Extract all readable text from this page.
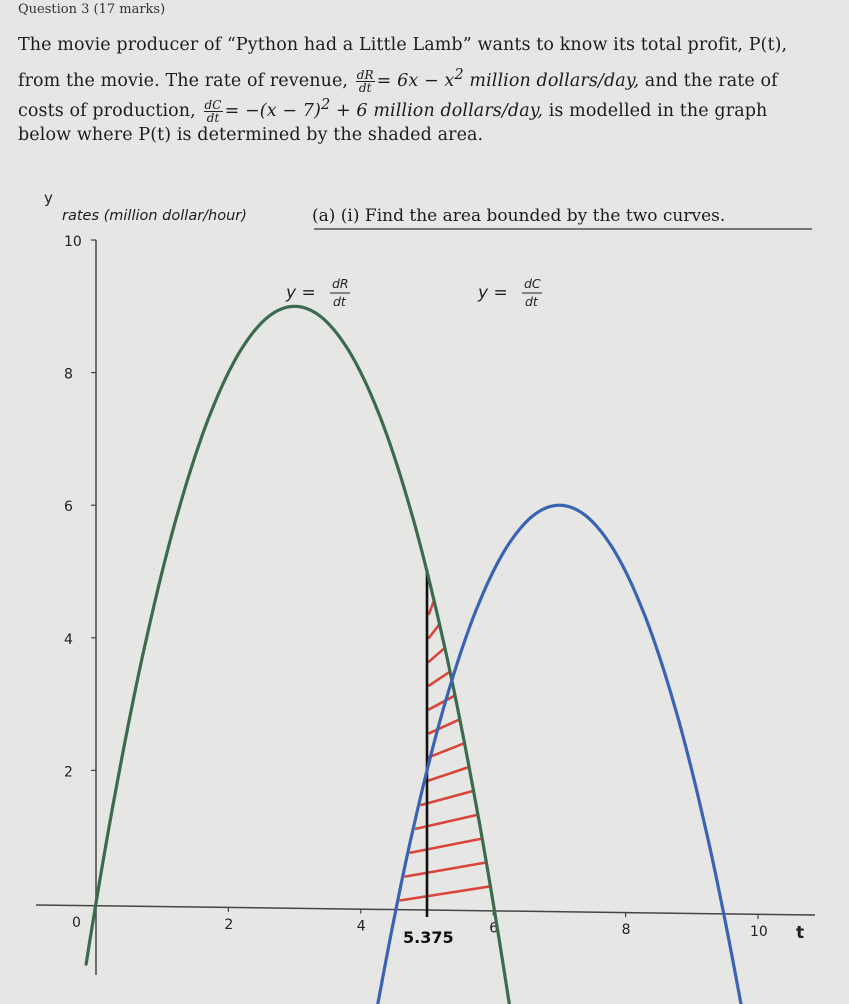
Question 3 (17 marks)
The movie producer of “Python had a Little Lamb” wants to know its total profit, P(t),
from the movie. The rate of revenue, $\frac{dR}{dt} = 6x - x^2$ million dollars/day, and the rate of
costs of production, $\frac{dC}{dt} = -(x - 7)^2 + 6$ million dollars/day, is modelled in the graph
below where P(t) is determined by the shaded area.
10
8
6
4
2
0	2	4	6	8	10
y
rates (million dollar/hour)
t
y = dR
dt	y = dC
dt
5.375
(a) (i) Find the area bounded by the two curves.
